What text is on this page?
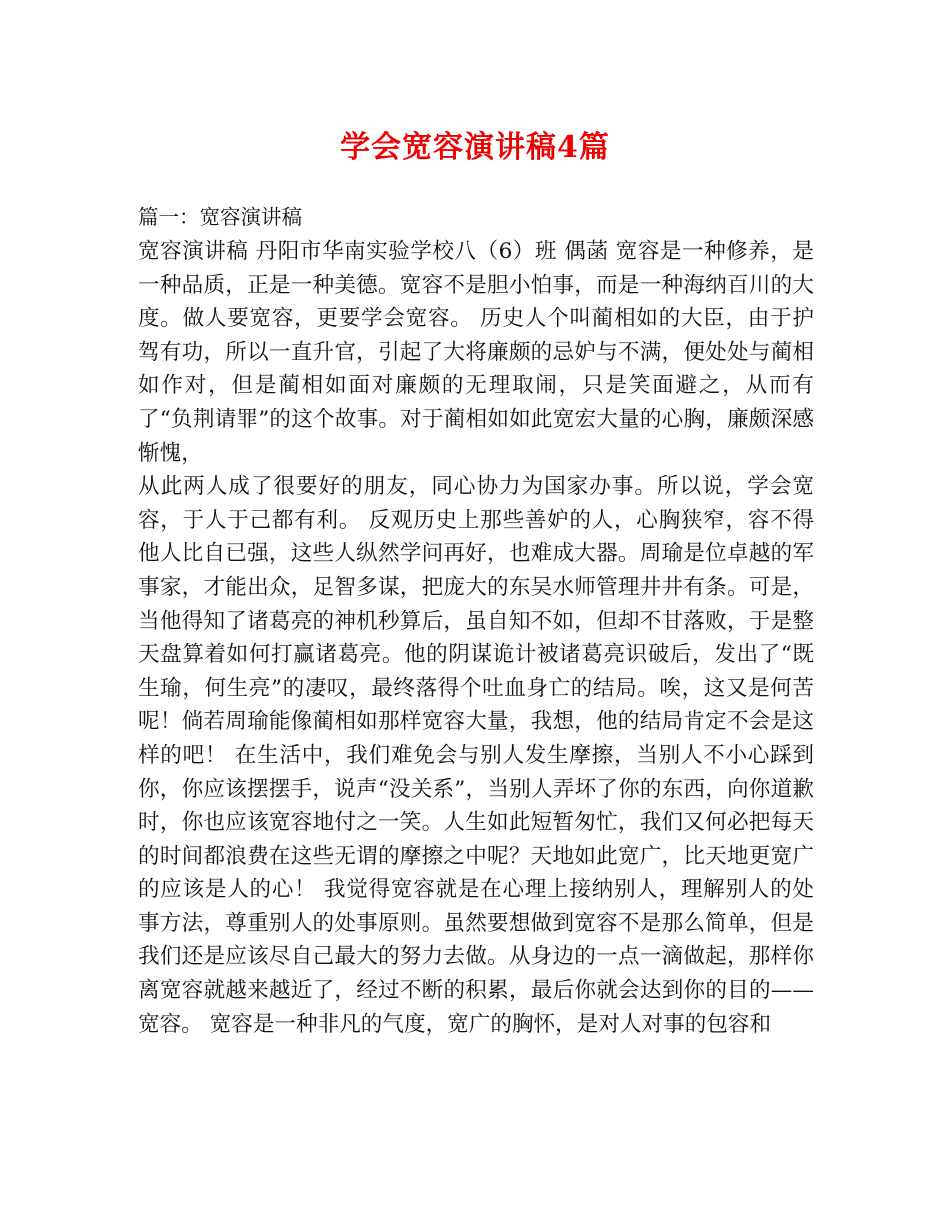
学会宽容演讲稿4篇

篇一：宽容演讲稿

宽容演讲稿 丹阳市华南实验学校八（6）班 偶菡 宽容是一种修养，是一种品质，正是一种美德。宽容不是胆小怕事，而是一种海纳百川的大度。做人要宽容，更要学会宽容。 历史人个叫蔺相如的大臣，由于护驾有功，所以一直升官，引起了大将廉颇的忌妒与不满，便处处与蔺相如作对，但是蔺相如面对廉颇的无理取闹，只是笑面避之，从而有了“负荆请罪”的这个故事。对于蔺相如如此宽宏大量的心胸，廉颇深感惭愧，

从此两人成了很要好的朋友，同心协力为国家办事。所以说，学会宽容，于人于己都有利。 反观历史上那些善妒的人，心胸狭窄，容不得他人比自已强，这些人纵然学问再好，也难成大器。周瑜是位卓越的军事家，才能出众，足智多谋，把庞大的东吴水师管理井井有条。可是，当他得知了诸葛亮的神机秒算后，虽自知不如，但却不甘落败，于是整天盘算着如何打赢诸葛亮。他的阴谋诡计被诸葛亮识破后，发出了“既生瑜，何生亮”的凄叹，最终落得个吐血身亡的结局。唉，这又是何苦呢！倘若周瑜能像蔺相如那样宽容大量，我想，他的结局肯定不会是这样的吧！ 在生活中，我们难免会与别人发生摩擦，当别人不小心踩到你，你应该摆摆手，说声“没关系”，当别人弄坏了你的东西，向你道歉时，你也应该宽容地付之一笑。人生如此短暂匆忙，我们又何必把每天的时间都浪费在这些无谓的摩擦之中呢？天地如此宽广，比天地更宽广的应该是人的心！ 我觉得宽容就是在心理上接纳别人，理解别人的处事方法，尊重别人的处事原则。虽然要想做到宽容不是那么简单，但是我们还是应该尽自己最大的努力去做。从身边的一点一滴做起，那样你离宽容就越来越近了，经过不断的积累，最后你就会达到你的目的——宽容。 宽容是一种非凡的气度，宽广的胸怀，是对人对事的包容和
